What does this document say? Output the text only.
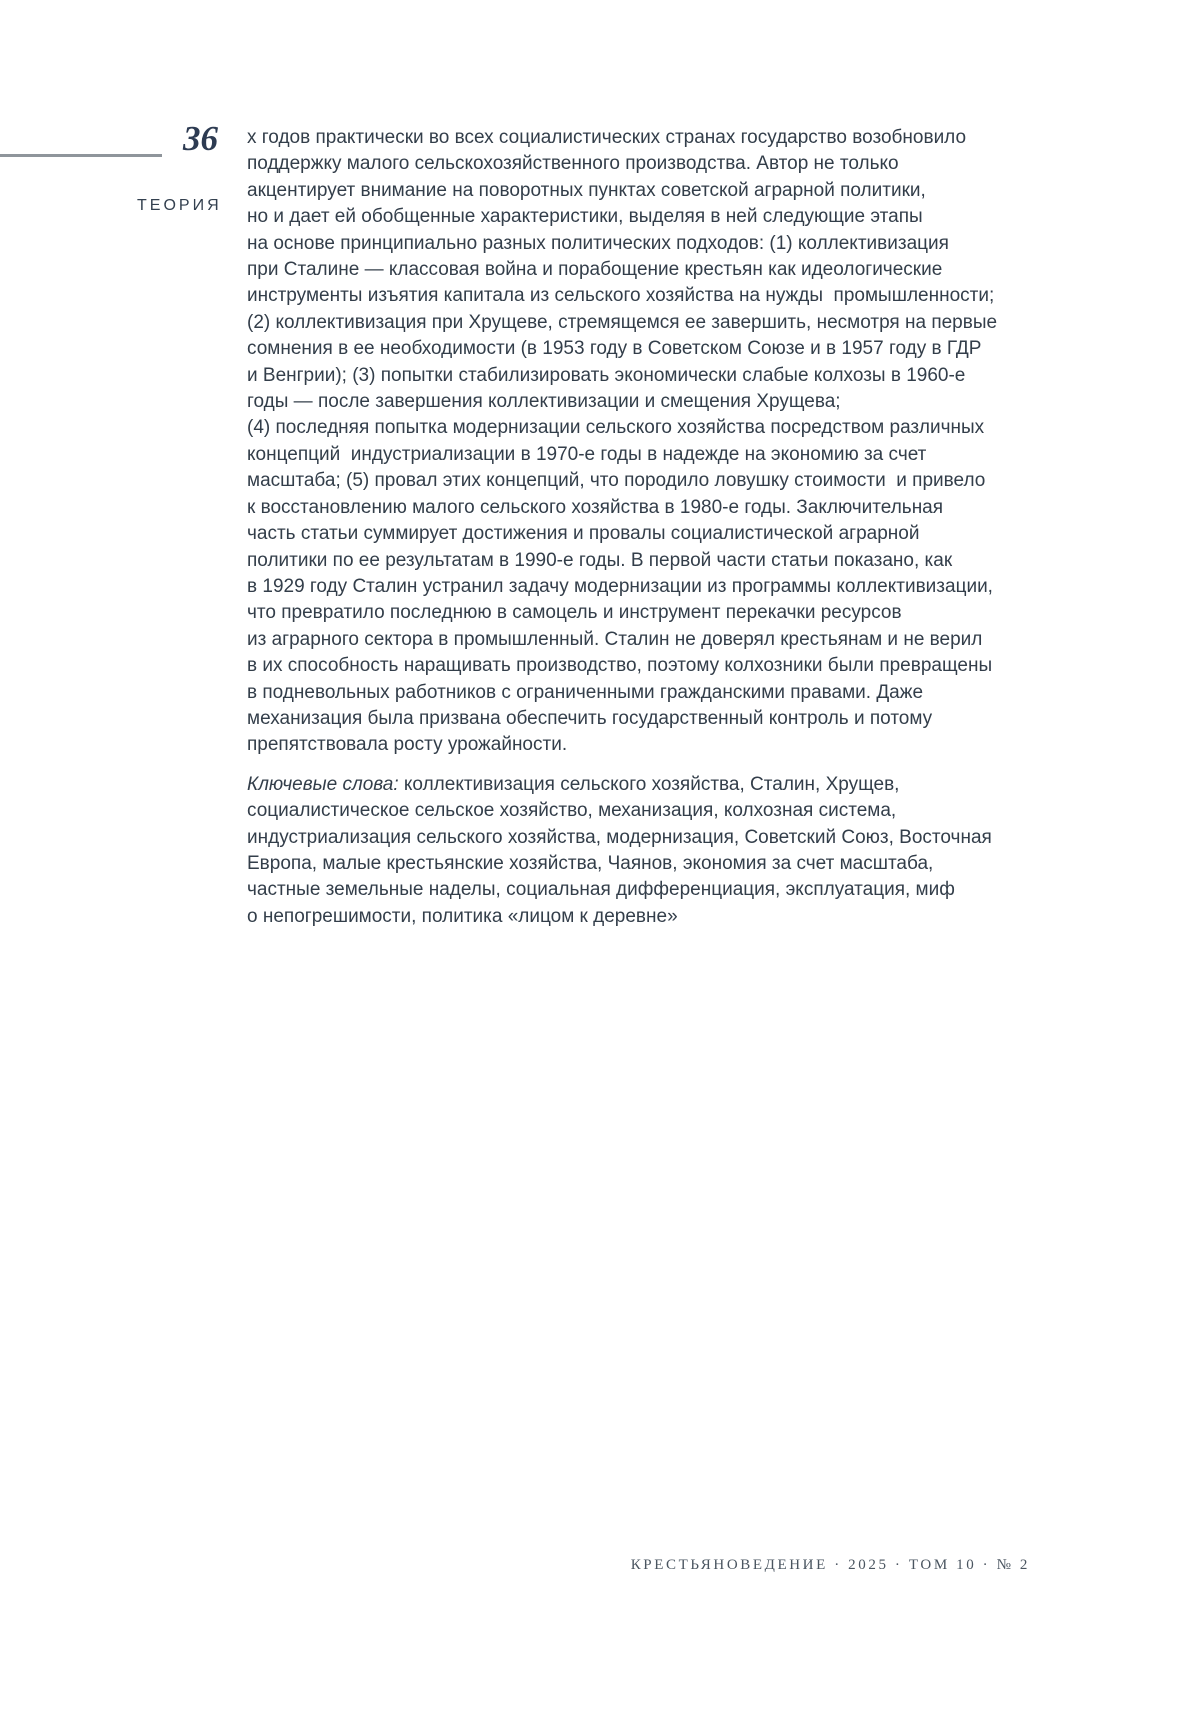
36
ТЕОРИЯ

х годов практически во всех социалистических странах государство возобновило
поддержку малого сельскохозяйственного производства. Автор не только
акцентирует внимание на поворотных пунктах советской аграрной политики,
но и дает ей обобщенные характеристики, выделяя в ней следующие этапы
на основе принципиально разных политических подходов: (1) коллективизация
при Сталине — классовая война и порабощение крестьян как идеологические
инструменты изъятия капитала из сельского хозяйства на нужды  промышленности;
(2) коллективизация при Хрущеве, стремящемся ее завершить, несмотря на первые
сомнения в ее необходимости (в 1953 году в Советском Союзе и в 1957 году в ГДР
и Венгрии); (3) попытки стабилизировать экономически слабые колхозы в 1960-е
годы — после завершения коллективизации и смещения Хрущева;
(4) последняя попытка модернизации сельского хозяйства посредством различных
концепций  индустриализации в 1970-е годы в надежде на экономию за счет
масштаба; (5) провал этих концепций, что породило ловушку стоимости  и привело
к восстановлению малого сельского хозяйства в 1980-е годы. Заключительная
часть статьи суммирует достижения и провалы социалистической аграрной
политики по ее результатам в 1990-е годы. В первой части статьи показано, как
в 1929 году Сталин устранил задачу модернизации из программы коллективизации,
что превратило последнюю в самоцель и инструмент перекачки ресурсов
из аграрного сектора в промышленный. Сталин не доверял крестьянам и не верил
в их способность наращивать производство, поэтому колхозники были превращены
в подневольных работников с ограниченными гражданскими правами. Даже
механизация была призвана обеспечить государственный контроль и потому
препятствовала росту урожайности.

Ключевые слова: коллективизация сельского хозяйства, Сталин, Хрущев,
социалистическое сельское хозяйство, механизация, колхозная система,
индустриализация сельского хозяйства, модернизация, Советский Союз, Восточная
Европа, малые крестьянские хозяйства, Чаянов, экономия за счет масштаба,
частные земельные наделы, социальная дифференциация, эксплуатация, миф
о непогрешимости, политика «лицом к деревне»

КРЕСТЬЯНОВЕДЕНИЕ · 2025 · ТОМ 10 · № 2
